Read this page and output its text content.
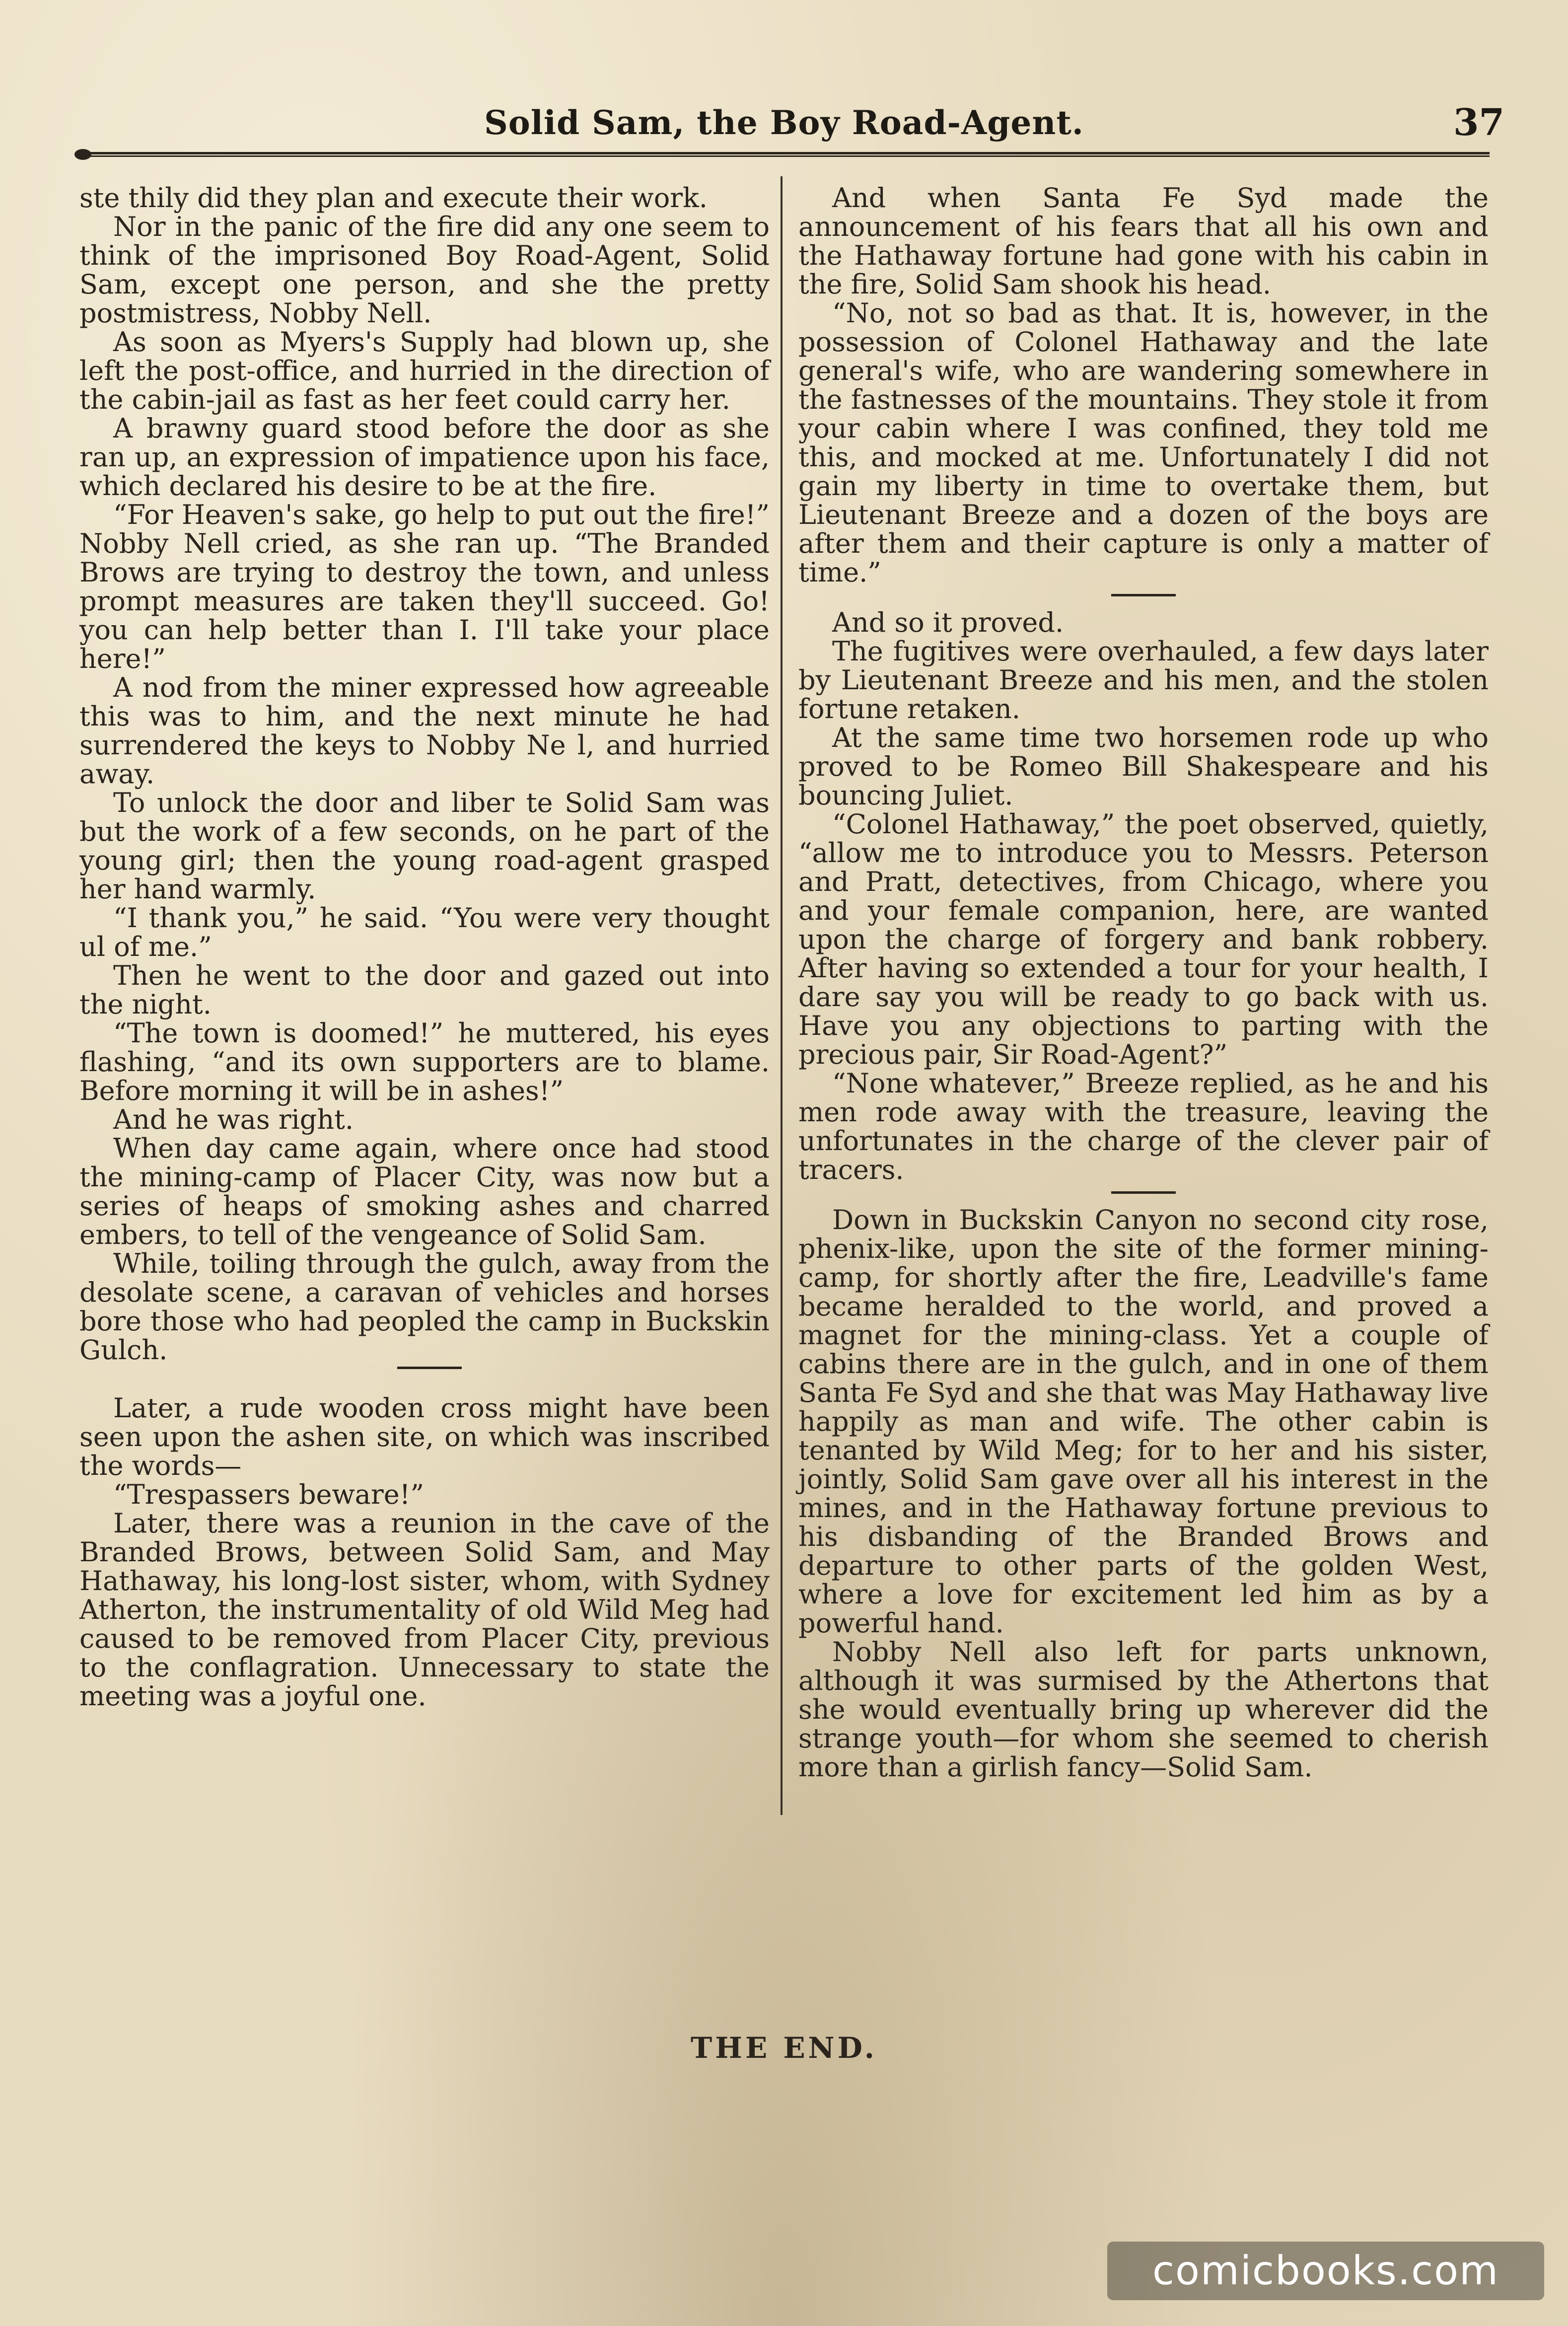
Solid Sam, the Boy Road-Agent.	37

ste thily did they plan and execute their work.

Nor in the panic of the fire did any one seem to think of the imprisoned Boy Road-Agent, Solid Sam, except one person, and she the pretty postmistress, Nobby Nell.

As soon as Myers's Supply had blown up, she left the post-office, and hurried in the direction of the cabin-jail as fast as her feet could carry her.

A brawny guard stood before the door as she ran up, an expression of impatience upon his face, which declared his desire to be at the fire.

“For Heaven's sake, go help to put out the fire!” Nobby Nell cried, as she ran up. “The Branded Brows are trying to destroy the town, and unless prompt measures are taken they'll succeed. Go! you can help better than I. I'll take your place here!”

A nod from the miner expressed how agreeable this was to him, and the next minute he had surrendered the keys to Nobby Ne l, and hurried away.

To unlock the door and liber te Solid Sam was but the work of a few seconds, on he part of the young girl; then the young road-agent grasped her hand warmly.

“I thank you,” he said. “You were very thought ul of me.”

Then he went to the door and gazed out into the night.

“The town is doomed!” he muttered, his eyes flashing, “and its own supporters are to blame. Before morning it will be in ashes!”

And he was right.

When day came again, where once had stood the mining-camp of Placer City, was now but a series of heaps of smoking ashes and charred embers, to tell of the vengeance of Solid Sam.

While, toiling through the gulch, away from the desolate scene, a caravan of vehicles and horses bore those who had peopled the camp in Buckskin Gulch.

Later, a rude wooden cross might have been seen upon the ashen site, on which was inscribed the words—

“Trespassers beware!”

Later, there was a reunion in the cave of the Branded Brows, between Solid Sam, and May Hathaway, his long-lost sister, whom, with Sydney Atherton, the instrumentality of old Wild Meg had caused to be removed from Placer City, previous to the conflagration. Unnecessary to state the meeting was a joyful one.

And when Santa Fe Syd made the announcement of his fears that all his own and the Hathaway fortune had gone with his cabin in the fire, Solid Sam shook his head.

“No, not so bad as that. It is, however, in the possession of Colonel Hathaway and the late general's wife, who are wandering somewhere in the fastnesses of the mountains. They stole it from your cabin where I was confined, they told me this, and mocked at me. Unfortunately I did not gain my liberty in time to overtake them, but Lieutenant Breeze and a dozen of the boys are after them and their capture is only a matter of time.”

And so it proved.

The fugitives were overhauled, a few days later by Lieutenant Breeze and his men, and the stolen fortune retaken.

At the same time two horsemen rode up who proved to be Romeo Bill Shakespeare and his bouncing Juliet.

“Colonel Hathaway,” the poet observed, quietly, “allow me to introduce you to Messrs. Peterson and Pratt, detectives, from Chicago, where you and your female companion, here, are wanted upon the charge of forgery and bank robbery. After having so extended a tour for your health, I dare say you will be ready to go back with us. Have you any objections to parting with the precious pair, Sir Road-Agent?”

“None whatever,” Breeze replied, as he and his men rode away with the treasure, leaving the unfortunates in the charge of the clever pair of tracers.

Down in Buckskin Canyon no second city rose, phenix-like, upon the site of the former mining-camp, for shortly after the fire, Leadville's fame became heralded to the world, and proved a magnet for the mining-class. Yet a couple of cabins there are in the gulch, and in one of them Santa Fe Syd and she that was May Hathaway live happily as man and wife. The other cabin is tenanted by Wild Meg; for to her and his sister, jointly, Solid Sam gave over all his interest in the mines, and in the Hathaway fortune previous to his disbanding of the Branded Brows and departure to other parts of the golden West, where a love for excitement led him as by a powerful hand.

Nobby Nell also left for parts unknown, although it was surmised by the Athertons that she would eventually bring up wherever did the strange youth—for whom she seemed to cherish more than a girlish fancy—Solid Sam.

THE END.
comicbooks.com
